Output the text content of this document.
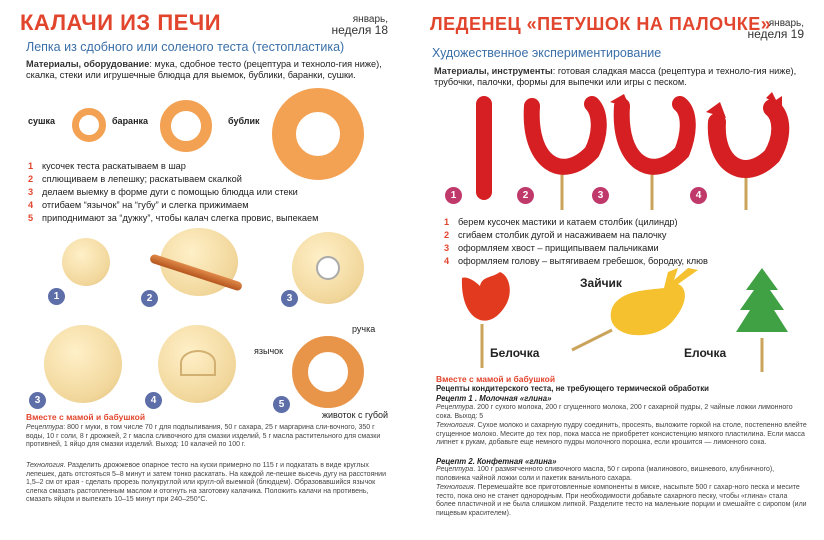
КАЛАЧИ ИЗ ПЕЧИ	январь,
неделя 18
Лепка из сдобного или соленого теста (тестопластика)
Материалы, оборудование: мука, сдобное тесто (рецептура и техноло-гия ниже), скалка, стеки или игрушечные блюдца для выемок, бублики, баранки, сушки.
сушка	баранка	бублик
1 кусочек теста раскатываем в шар
2 сплющиваем в лепешку; раскатываем скалкой
3 делаем выемку в форме дуги с помощью блюдца или стеки
4 отгибаем “язычок” на “губу” и слегка прижимаем
5 приподнимают за “дужку”, чтобы калач слегка провис, выпекаем
ручка
язычок
животок с губой
1	2	3
3	4	5
Вместе с мамой и бабушкой
Рецептура: 800 г муки, в том числе 70 г для подпыливания, 50 г сахара, 25 г маргарина сли-вочного, 350 г воды, 10 г соли, 8 г дрожжей, 2 г масла сливочного для смазки изделий, 5 г масла растительного для смазки противней, 1 яйцо для смазки изделий. Выход: 10 калачей по 100 г.
Технология. Разделить дрожжевое опарное тесто на куски примерно по 115 г и подкатать в виде круглых лепешек, дать отстояться 5–8 минут и затем тонко раскатать. На каждой ле-пешке высечь дугу на расстоянии 1,5–2 см от края - сделать прорезь полукруглой или кругл-ой выемкой (блюдцем). Образовавшийся язычок слегка смазать растопленным маслом и отогнуть на заготовку калачика. Положить калачи на противень, смазать яйцом и выпекать 10–15 минут при 240–250°С.
ЛЕДЕНЕЦ «ПЕТУШОК НА ПАЛОЧКЕ»
январь,
неделя 19
Художественное экспериментирование
Материалы, инструменты: готовая сладкая масса (рецептура и техноло-гия ниже), трубочки, палочки, формы для выпечки или игры с песком.
1	2	3	4
1 берем кусочек мастики и катаем столбик (цилиндр)
2 сгибаем столбик дугой и насаживаем на палочку
3 оформляем хвост – прищипываем пальчиками
4 оформляем голову – вытягиваем гребешок, бородку, клюв
Зайчик
Белочка	Елочка
Вместе с мамой и бабушкой
Рецепты кондитерского теста, не требующего термической обработки
Рецепт 1 . Молочная «глина»
Рецептура. 200 г сухого молока, 200 г сгущенного молока, 200 г сахарной пудры, 2 чайные ложки лимонного сока. Выход: 5
Технология. Сухое молоко и сахарную пудру соединить, просеять, выложите горкой на столе, постепенно влейте сгущенное молоко. Месите до тех пор, пока масса не приобретет консистенцию мягкого пластилина. Если масса липнет к рукам, добавьте еще немного пудры молочного порошка, если крошится — лимонного сока.
Рецепт 2. Конфетная «глина»
Рецептура. 100 г размягченного сливочного масла, 50 г сиропа (малинового, вишневого, клубничного), половинка чайной ложки соли и пакетик ванильного сахара.
Технология. Перемешайте все приготовленные компоненты в миске, насыпьте 500 г сахар-ного песка и месите тесто, пока оно не станет однородным. При необходимости добавьте сахарного песку, чтобы «глина» стала более пластичной и не была слишком липкой. Разделите тесто на маленькие порции и смешайте с сиропом (или пищевым красителем).
